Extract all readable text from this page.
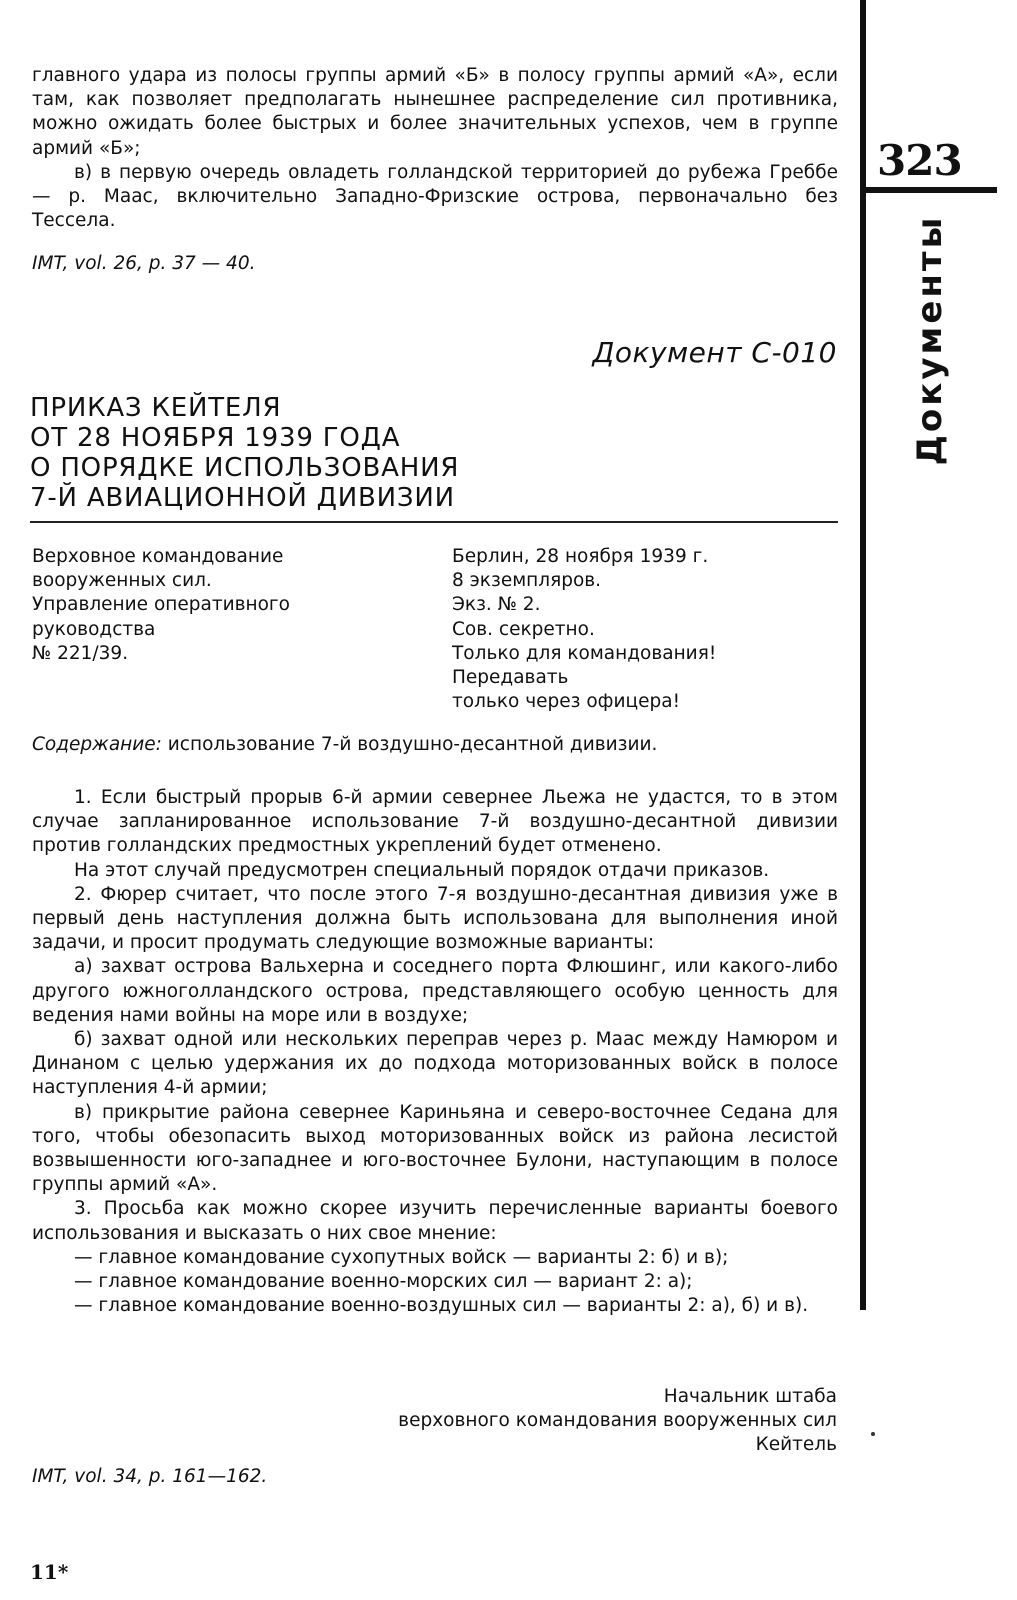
главного удара из полосы группы армий «Б» в полосу группы армий «А», если там, как позволяет предполагать нынешнее распределение сил противника, можно ожидать более быстрых и более значительных успехов, чем в группе армий «Б»;

в) в первую очередь овладеть голландской территорией до рубежа Греббе — р. Маас, включительно Западно-Фризские острова, первоначально без Тессела.

IMT, vol. 26, p. 37 — 40.
Документ С-010
ПРИКАЗ КЕЙТЕЛЯ
ОТ 28 НОЯБРЯ 1939 ГОДА
О ПОРЯДКЕ ИСПОЛЬЗОВАНИЯ
7-Й АВИАЦИОННОЙ ДИВИЗИИ
Верховное командование
вооруженных сил.
Управление оперативного
руководства
№ 221/39.
Берлин, 28 ноября 1939 г.
8 экземпляров.
Экз. № 2.
Сов. секретно.
Только для командования!
Передавать
только через офицера!
Содержание: использование 7-й воздушно-десантной дивизии.

1. Если быстрый прорыв 6-й армии севернее Льежа не удастся, то в этом случае запланированное использование 7-й воздушно-десантной дивизии против голландских предмостных укреплений будет отменено.

На этот случай предусмотрен специальный порядок отдачи приказов.

2. Фюрер считает, что после этого 7-я воздушно-десантная дивизия уже в первый день наступления должна быть использована для выполнения иной задачи, и просит продумать следующие возможные варианты:

а) захват острова Вальхерна и соседнего порта Флюшинг, или какого-либо другого южноголландского острова, представляющего особую ценность для ведения нами войны на море или в воздухе;

б) захват одной или нескольких переправ через р. Маас между Намюром и Динаном с целью удержания их до подхода моторизованных войск в полосе наступления 4-й армии;

в) прикрытие района севернее Кариньяна и северо-восточнее Седана для того, чтобы обезопасить выход моторизованных войск из района лесистой возвышенности юго-западнее и юго-восточнее Булони, наступающим в полосе группы армий «А».

3. Просьба как можно скорее изучить перечисленные варианты боевого использования и высказать о них свое мнение:

— главное командование сухопутных войск — варианты 2: б) и в);

— главное командование военно-морских сил — вариант 2: а);

— главное командование военно-воздушных сил — варианты 2: а), б) и в).

Начальник штаба
верховного командования вооруженных сил
Кейтель
IMT, vol. 34, p. 161—162.
11*
323
Документы
